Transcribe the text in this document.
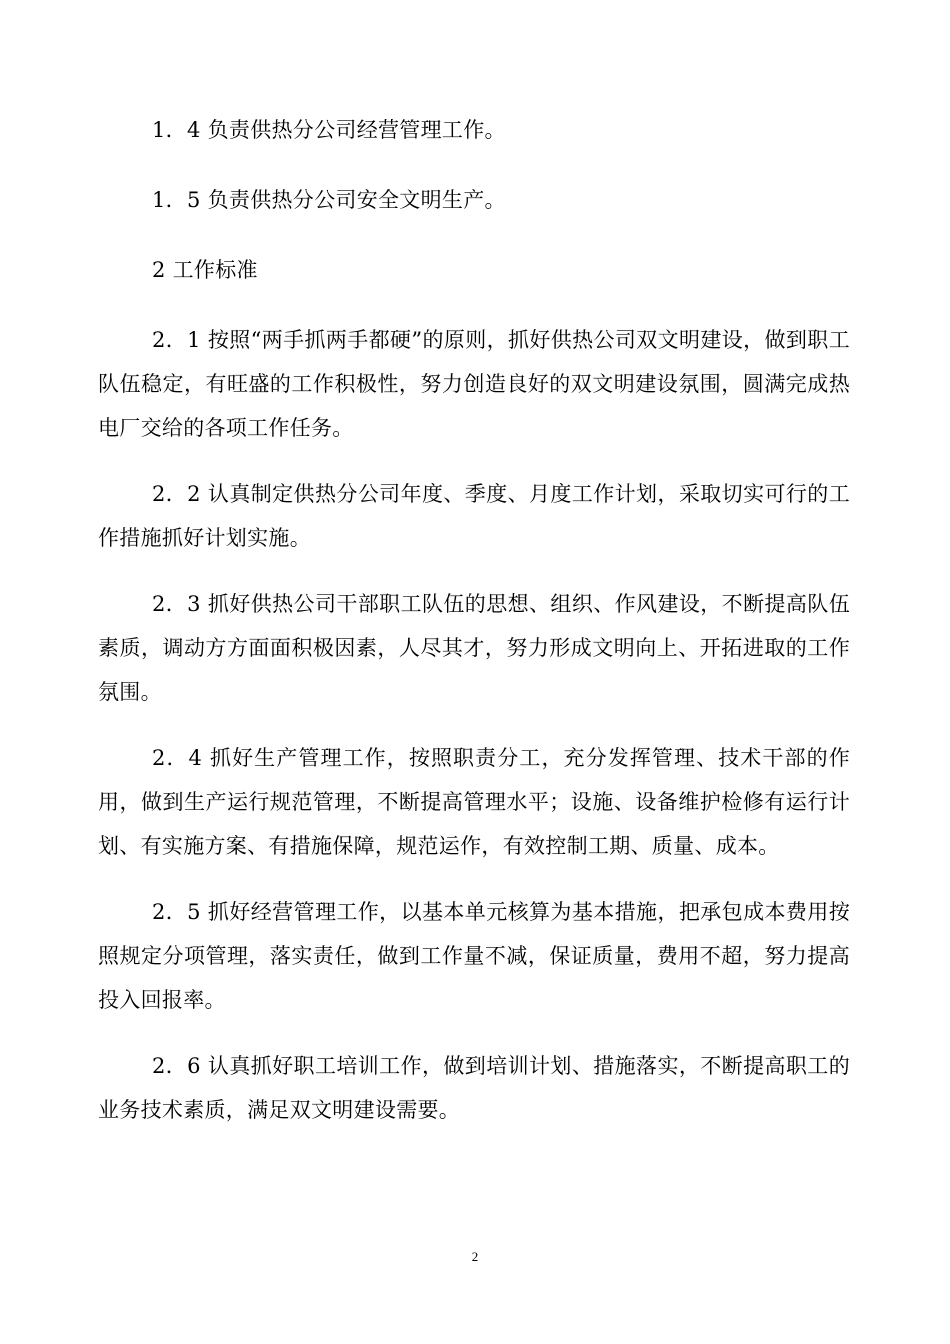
1．4 负责供热分公司经营管理工作。

1．5 负责供热分公司安全文明生产。

2 工作标准

2．1 按照“两手抓两手都硬”的原则，抓好供热公司双文明建设，做到职工队伍稳定，有旺盛的工作积极性，努力创造良好的双文明建设氛围，圆满完成热电厂交给的各项工作任务。

2．2 认真制定供热分公司年度、季度、月度工作计划，采取切实可行的工作措施抓好计划实施。

2．3 抓好供热公司干部职工队伍的思想、组织、作风建设，不断提高队伍素质，调动方方面面积极因素，人尽其才，努力形成文明向上、开拓进取的工作氛围。

2．4 抓好生产管理工作，按照职责分工，充分发挥管理、技术干部的作用，做到生产运行规范管理，不断提高管理水平；设施、设备维护检修有运行计划、有实施方案、有措施保障，规范运作，有效控制工期、质量、成本。

2．5 抓好经营管理工作，以基本单元核算为基本措施，把承包成本费用按照规定分项管理，落实责任，做到工作量不减，保证质量，费用不超，努力提高投入回报率。

2．6 认真抓好职工培训工作，做到培训计划、措施落实，不断提高职工的业务技术素质，满足双文明建设需要。

2
